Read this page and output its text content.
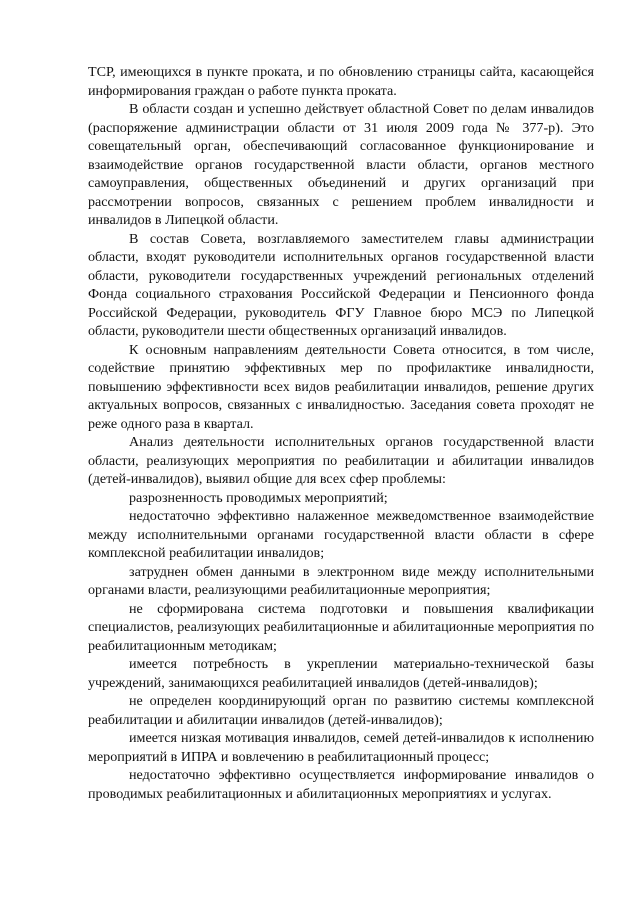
ТСР, имеющихся в пункте проката, и по обновлению страницы сайта, касающейся информирования граждан о работе пункта проката.

В области создан и успешно действует областной Совет по делам инвалидов (распоряжение администрации области от 31 июля 2009 года № 377-р). Это совещательный орган, обеспечивающий согласованное функционирование и взаимодействие органов государственной власти области, органов местного самоуправления, общественных объединений и других организаций при рассмотрении вопросов, связанных с решением проблем инвалидности и инвалидов в Липецкой области.

В состав Совета, возглавляемого заместителем главы администрации области, входят руководители исполнительных органов государственной власти области, руководители государственных учреждений региональных отделений Фонда социального страхования Российской Федерации и Пенсионного фонда Российской Федерации, руководитель ФГУ Главное бюро МСЭ по Липецкой области, руководители шести общественных организаций инвалидов.

К основным направлениям деятельности Совета относится, в том числе, содействие принятию эффективных мер по профилактике инвалидности, повышению эффективности всех видов реабилитации инвалидов, решение других актуальных вопросов, связанных с инвалидностью. Заседания совета проходят не реже одного раза в квартал.

Анализ деятельности исполнительных органов государственной власти области, реализующих мероприятия по реабилитации и абилитации инвалидов (детей-инвалидов), выявил общие для всех сфер проблемы:

разрозненность проводимых мероприятий;

недостаточно эффективно налаженное межведомственное взаимодействие между исполнительными органами государственной власти области в сфере комплексной реабилитации инвалидов;

затруднен обмен данными в электронном виде между исполнительными органами власти, реализующими реабилитационные мероприятия;

не сформирована система подготовки и повышения квалификации специалистов, реализующих реабилитационные и абилитационные мероприятия по реабилитационным методикам;

имеется потребность в укреплении материально-технической базы учреждений, занимающихся реабилитацией инвалидов (детей-инвалидов);

не определен координирующий орган по развитию системы комплексной реабилитации и абилитации инвалидов (детей-инвалидов);

имеется низкая мотивация инвалидов, семей детей-инвалидов к исполнению мероприятий в ИПРА и вовлечению в реабилитационный процесс;

недостаточно эффективно осуществляется информирование инвалидов о проводимых реабилитационных и абилитационных мероприятиях и услугах.
